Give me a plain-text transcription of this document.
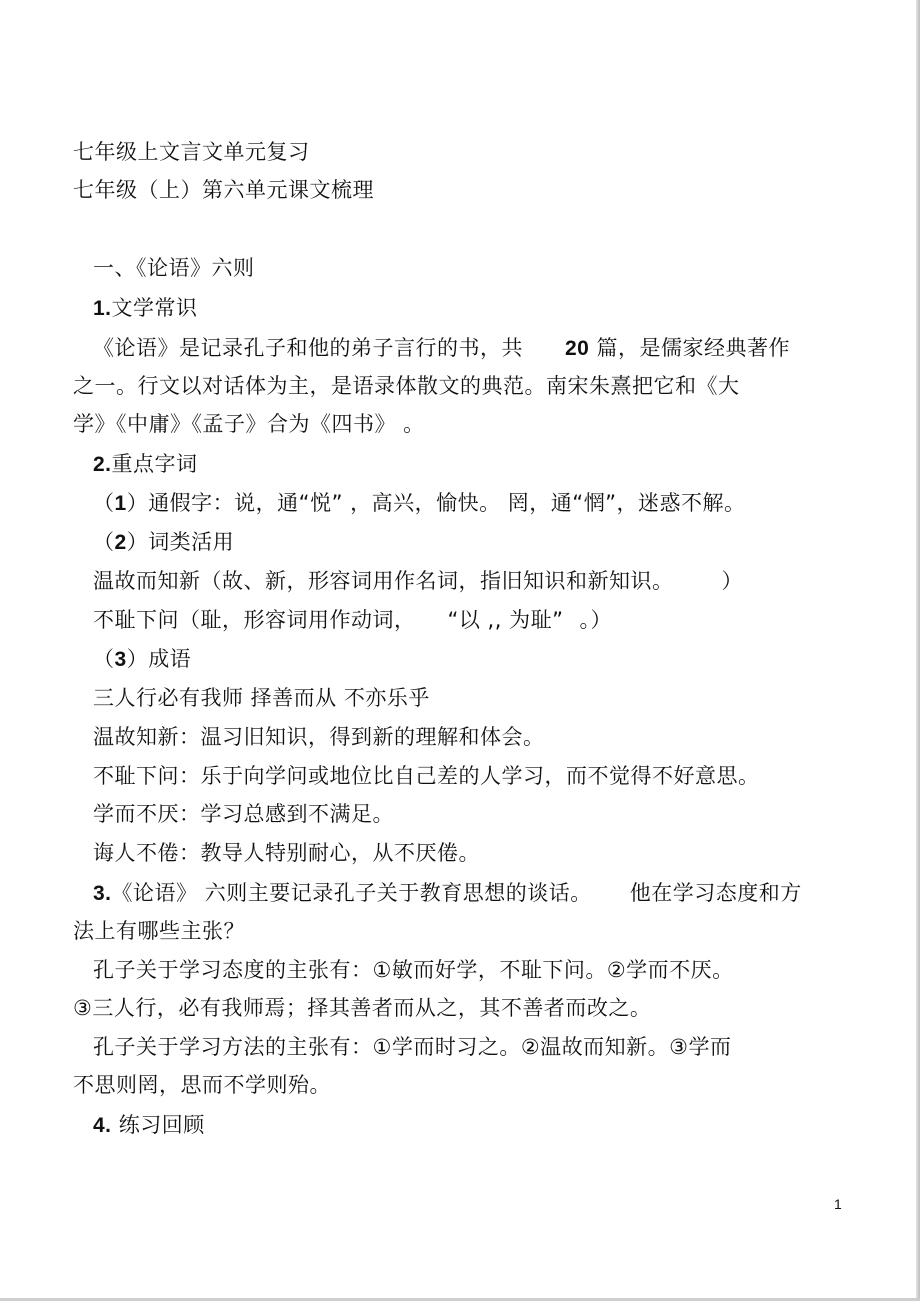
七年级上文言文单元复习
七年级（上）第六单元课文梳理
一、《论语》六则
1.文学常识
《论语》是记录孔子和他的弟子言行的书，共 20 篇，是儒家经典著作
之一。行文以对话体为主，是语录体散文的典范。南宋朱熹把它和《大
学》《中庸》《孟子》合为《四书》 。
2.重点字词
（1）通假字：说，通“悦” ，高兴，愉快。 罔，通“惘”，迷惑不解。
（2）词类活用
温故而知新（故、新，形容词用作名词，指旧知识和新知识。 ）
不耻下问（耻，形容词用作动词， “以 ,, 为耻” 。）
（3）成语
三人行必有我师 择善而从 不亦乐乎
温故知新：温习旧知识，得到新的理解和体会。
不耻下问：乐于向学问或地位比自己差的人学习，而不觉得不好意思。
学而不厌：学习总感到不满足。
诲人不倦：教导人特别耐心，从不厌倦。
3.《论语》 六则主要记录孔子关于教育思想的谈话。 他在学习态度和方
法上有哪些主张？
孔子关于学习态度的主张有：①敏而好学，不耻下问。②学而不厌。
③三人行，必有我师焉；择其善者而从之，其不善者而改之。
孔子关于学习方法的主张有：①学而时习之。②温故而知新。③学而
不思则罔，思而不学则殆。
4. 练习回顾
1
